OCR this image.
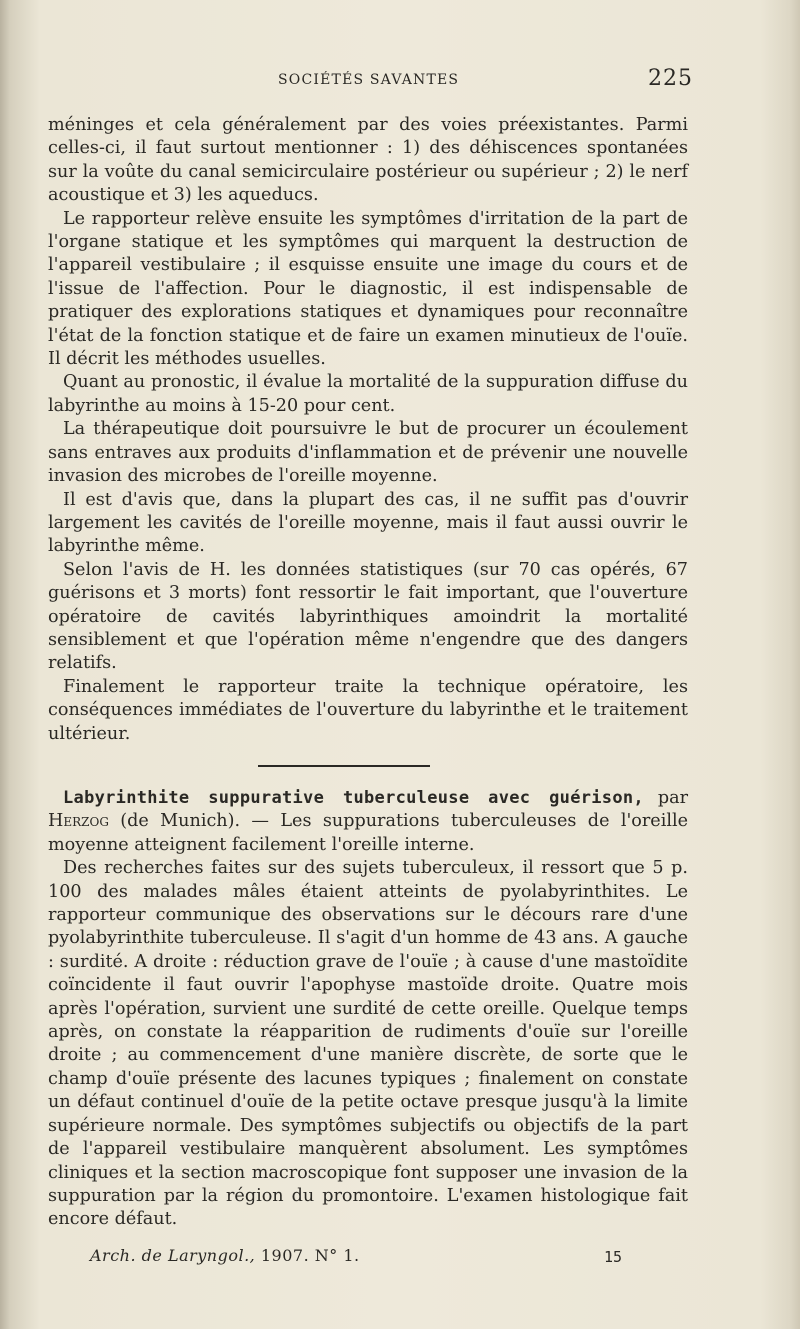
SOCIÉTÉS SAVANTES	225

méninges et cela généralement par des voies préexistantes. Parmi celles-ci, il faut surtout mentionner : 1) des déhiscences spontanées sur la voûte du canal semicirculaire postérieur ou supérieur ; 2) le nerf acoustique et 3) les aqueducs.

Le rapporteur relève ensuite les symptômes d'irritation de la part de l'organe statique et les symptômes qui marquent la destruction de l'appareil vestibulaire ; il esquisse ensuite une image du cours et de l'issue de l'affection. Pour le diagnostic, il est indispensable de pratiquer des explorations statiques et dynamiques pour reconnaître l'état de la fonction statique et de faire un examen minutieux de l'ouïe. Il décrit les méthodes usuelles.

Quant au pronostic, il évalue la mortalité de la suppuration diffuse du labyrinthe au moins à 15-20 pour cent.

La thérapeutique doit poursuivre le but de procurer un écoulement sans entraves aux produits d'inflammation et de prévenir une nouvelle invasion des microbes de l'oreille moyenne.

Il est d'avis que, dans la plupart des cas, il ne suffit pas d'ouvrir largement les cavités de l'oreille moyenne, mais il faut aussi ouvrir le labyrinthe même.

Selon l'avis de H. les données statistiques (sur 70 cas opérés, 67 guérisons et 3 morts) font ressortir le fait important, que l'ouverture opératoire de cavités labyrinthiques amoindrit la mortalité sensiblement et que l'opération même n'engendre que des dangers relatifs.

Finalement le rapporteur traite la technique opératoire, les conséquences immédiates de l'ouverture du labyrinthe et le traitement ultérieur.

Labyrinthite suppurative tuberculeuse avec guérison, par Herzog (de Munich). — Les suppurations tuberculeuses de l'oreille moyenne atteignent facilement l'oreille interne.

Des recherches faites sur des sujets tuberculeux, il ressort que 5 p. 100 des malades mâles étaient atteints de pyolabyrinthites. Le rapporteur communique des observations sur le décours rare d'une pyolabyrinthite tuberculeuse. Il s'agit d'un homme de 43 ans. A gauche : surdité. A droite : réduction grave de l'ouïe ; à cause d'une mastoïdite coïncidente il faut ouvrir l'apophyse mastoïde droite. Quatre mois après l'opération, survient une surdité de cette oreille. Quelque temps après, on constate la réapparition de rudiments d'ouïe sur l'oreille droite ; au commencement d'une manière discrète, de sorte que le champ d'ouïe présente des lacunes typiques ; finalement on constate un défaut continuel d'ouïe de la petite octave presque jusqu'à la limite supérieure normale. Des symptômes subjectifs ou objectifs de la part de l'appareil vestibulaire manquèrent absolument. Les symptômes cliniques et la section macroscopique font supposer une invasion de la suppuration par la région du promontoire. L'examen histologique fait encore défaut.

Arch. de Laryngol., 1907. N° 1.	15
